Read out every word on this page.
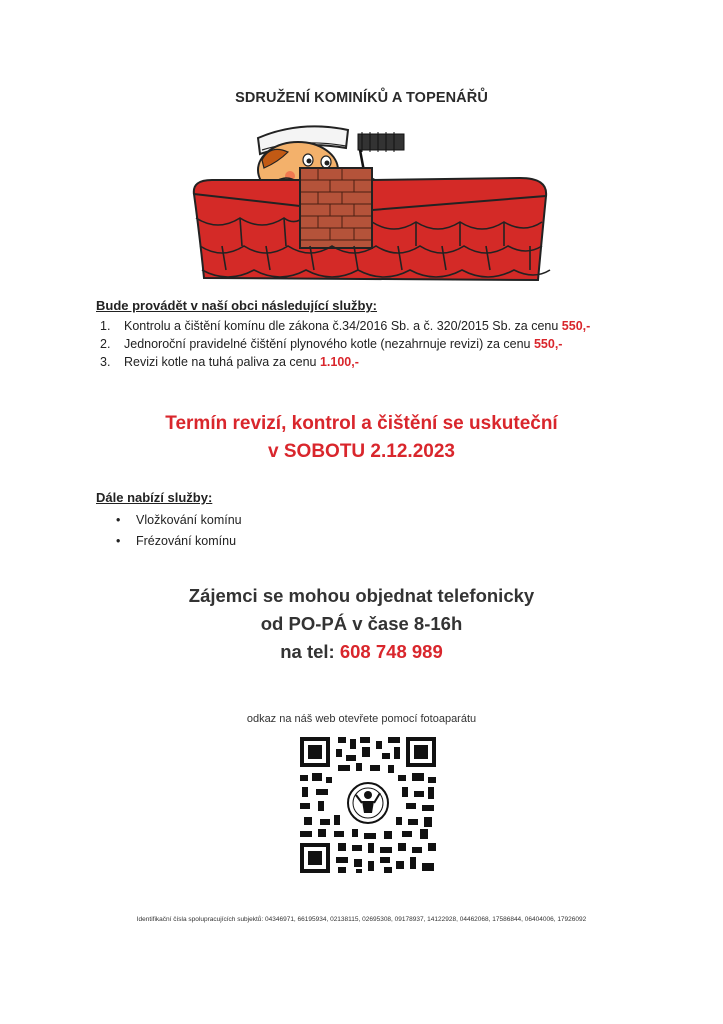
SDRUŽENÍ KOMINÍKŮ A TOPENÁŘŮ
Bude provádět v naší obci následující služby:
1. Kontrolu a čištění komínu dle zákona č.34/2016 Sb. a č. 320/2015 Sb. za cenu 550,-
2. Jednoroční pravidelné čištění plynového kotle (nezahrnuje revizi) za cenu 550,-
3. Revizi kotle na tuhá paliva za cenu 1.100,-
Termín revizí, kontrol a čištění se uskuteční
v SOBOTU 2.12.2023
Dále nabízí služby:
• Vložkování komínu
• Frézování komínu
Zájemci se mohou objednat telefonicky
od PO-PÁ v čase 8-16h
na tel: 608 748 989
odkaz na náš web otevřete pomocí fotoaparátu
Identifikační čísla spolupracujících subjektů: 04346971, 66195934, 02138115, 02695308, 09178937, 14122928, 04462068, 17586844, 06404006, 17926092
